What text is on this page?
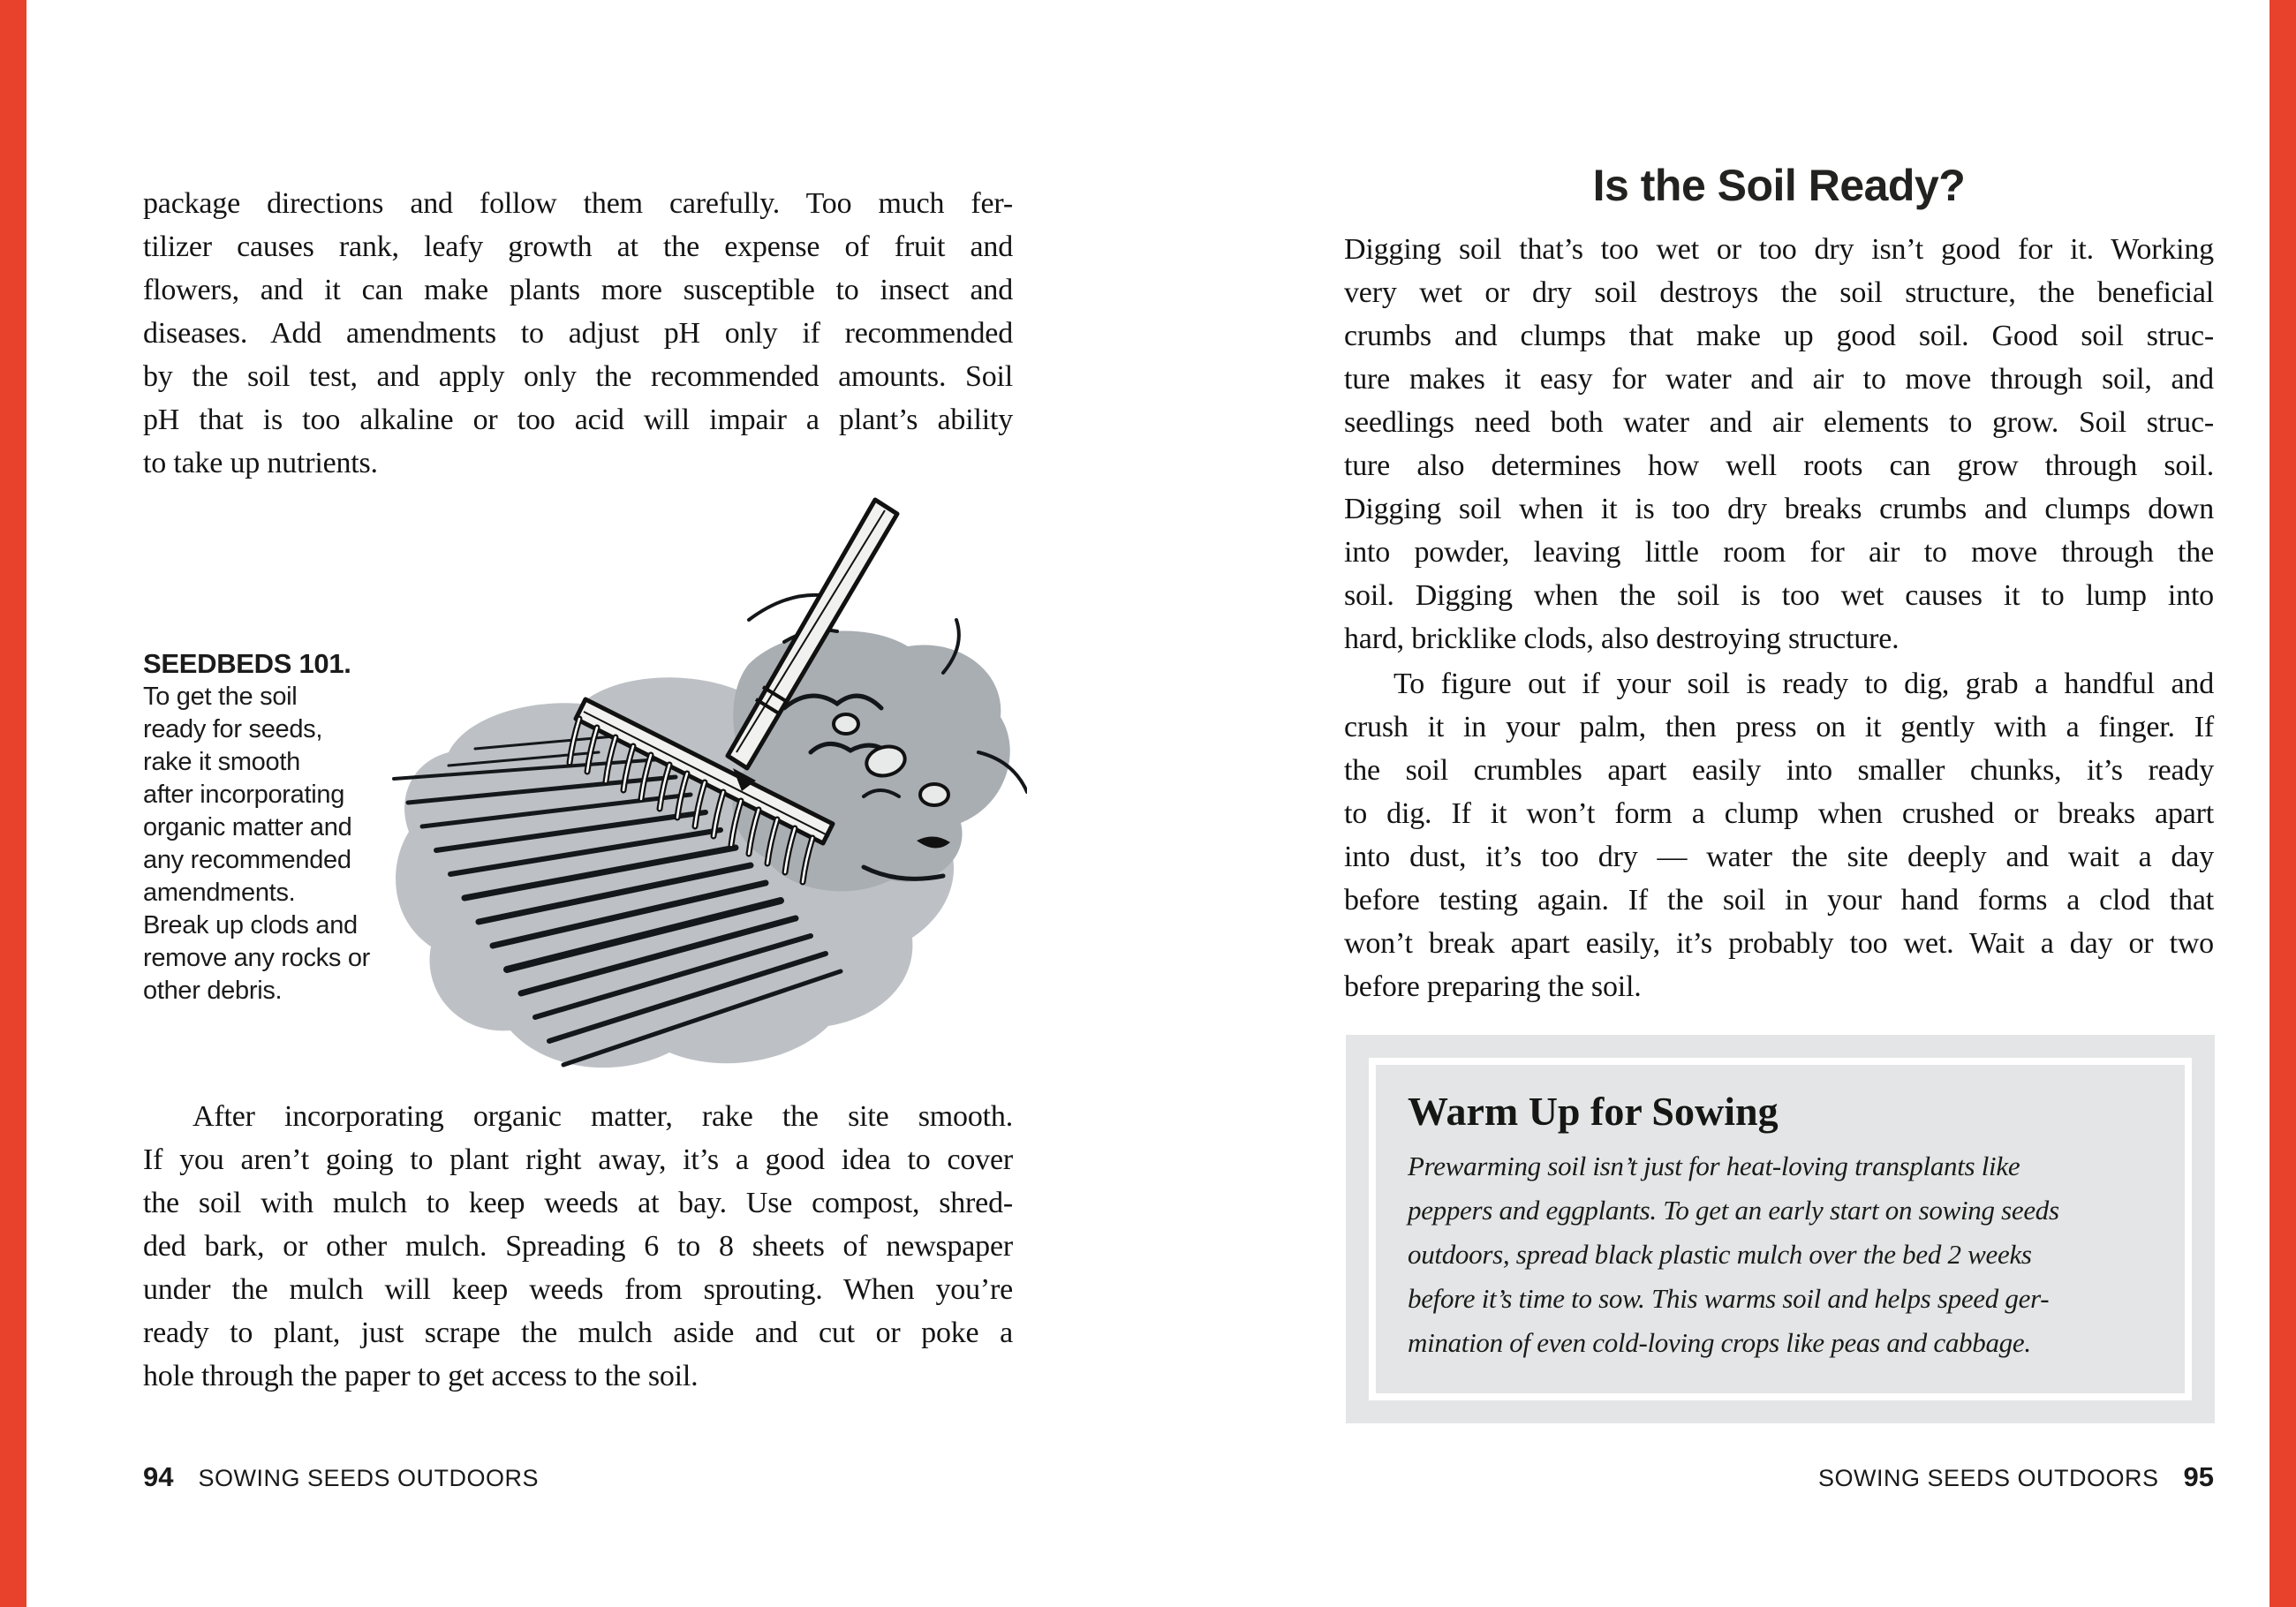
package directions and follow them carefully. Too much fer-
tilizer causes rank, leafy growth at the expense of fruit and
flowers, and it can make plants more susceptible to insect and
diseases. Add amendments to adjust pH only if recommended
by the soil test, and apply only the recommended amounts. Soil
pH that is too alkaline or too acid will impair a plant’s ability
to take up nutrients.
SEEDBEDS 101.
To get the soil
ready for seeds,
rake it smooth
after incorporating
organic matter and
any recommended
amendments.
Break up clods and
remove any rocks or
other debris.
After incorporating organic matter, rake the site smooth.
If you aren’t going to plant right away, it’s a good idea to cover
the soil with mulch to keep weeds at bay. Use compost, shred-
ded bark, or other mulch. Spreading 6 to 8 sheets of newspaper
under the mulch will keep weeds from sprouting. When you’re
ready to plant, just scrape the mulch aside and cut or poke a
hole through the paper to get access to the soil.
94 SOWING SEEDS OUTDOORS
Is the Soil Ready?
Digging soil that’s too wet or too dry isn’t good for it. Working
very wet or dry soil destroys the soil structure, the beneficial
crumbs and clumps that make up good soil. Good soil struc-
ture makes it easy for water and air to move through soil, and
seedlings need both water and air elements to grow. Soil struc-
ture also determines how well roots can grow through soil.
Digging soil when it is too dry breaks crumbs and clumps down
into powder, leaving little room for air to move through the
soil. Digging when the soil is too wet causes it to lump into
hard, bricklike clods, also destroying structure.
To figure out if your soil is ready to dig, grab a handful and
crush it in your palm, then press on it gently with a finger. If
the soil crumbles apart easily into smaller chunks, it’s ready
to dig. If it won’t form a clump when crushed or breaks apart
into dust, it’s too dry — water the site deeply and wait a day
before testing again. If the soil in your hand forms a clod that
won’t break apart easily, it’s probably too wet. Wait a day or two
before preparing the soil.
Warm Up for Sowing
Prewarming soil isn’t just for heat-loving transplants like
peppers and eggplants. To get an early start on sowing seeds
outdoors, spread black plastic mulch over the bed 2 weeks
before it’s time to sow. This warms soil and helps speed ger-
mination of even cold-loving crops like peas and cabbage.
SOWING SEEDS OUTDOORS 95
